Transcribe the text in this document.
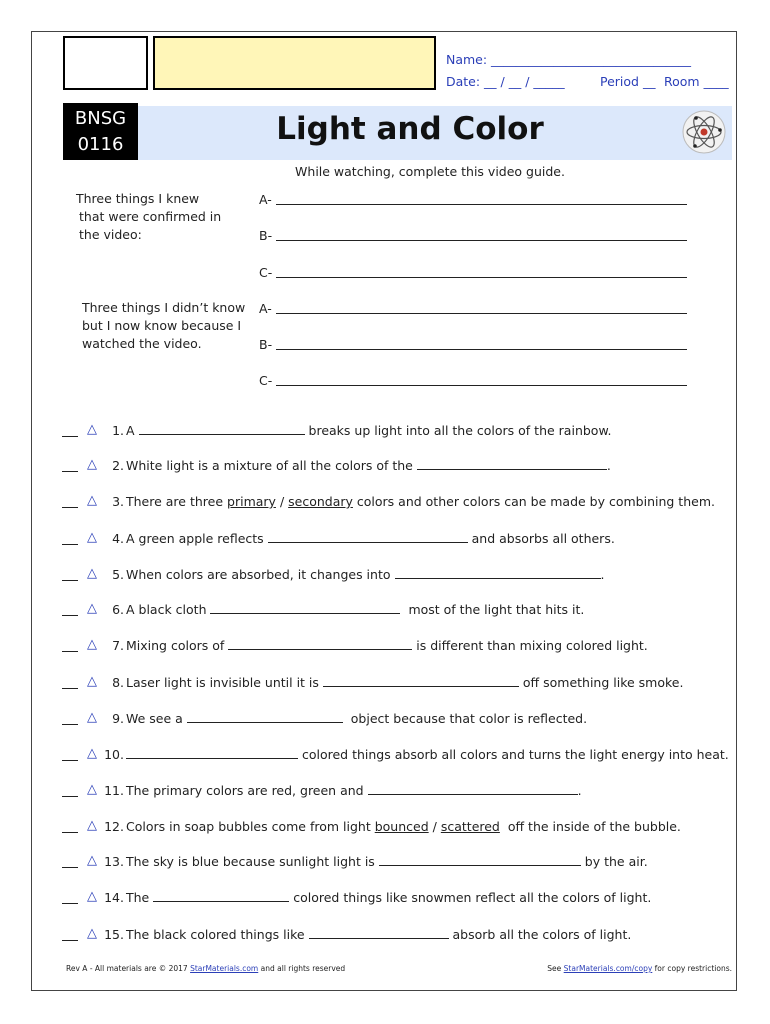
Name: ________________________________
Date: __ / __ / _____	Period __ Room ____
BNSG
0116	Light and Color
While watching, complete this video guide.
Three things I knew
that were confirmed in
the video:
A-
B-
C-
Three things I didn’t know
but I now know because I
watched the video.
A-
B-
C-
△	1. A	breaks up light into all the colors of the rainbow.
△	2. White light is a mixture of all the colors of the	.
△	3. There are three primary / secondary colors and other colors can be made by combining them.
△	4. A green apple reflects	and absorbs all others.
△	5. When colors are absorbed, it changes into	.
△	6. A black cloth	most of the light that hits it.
△	7. Mixing colors of	is different than mixing colored light.
△	8. Laser light is invisible until it is	off something like smoke.
△	9. We see a	object because that color is reflected.
△ 10.	colored things absorb all colors and turns the light energy into heat.
△ 11. The primary colors are red, green and	.
△ 12. Colors in soap bubbles come from light bounced / scattered off the inside of the bubble.
△ 13. The sky is blue because sunlight light is	by the air.
△ 14. The	colored things like snowmen reflect all the colors of light.
△ 15. The black colored things like	absorb all the colors of light.
Rev A - All materials are © 2017 StarMaterials.com and all rights reserved	See StarMaterials.com/copy for copy restrictions.
